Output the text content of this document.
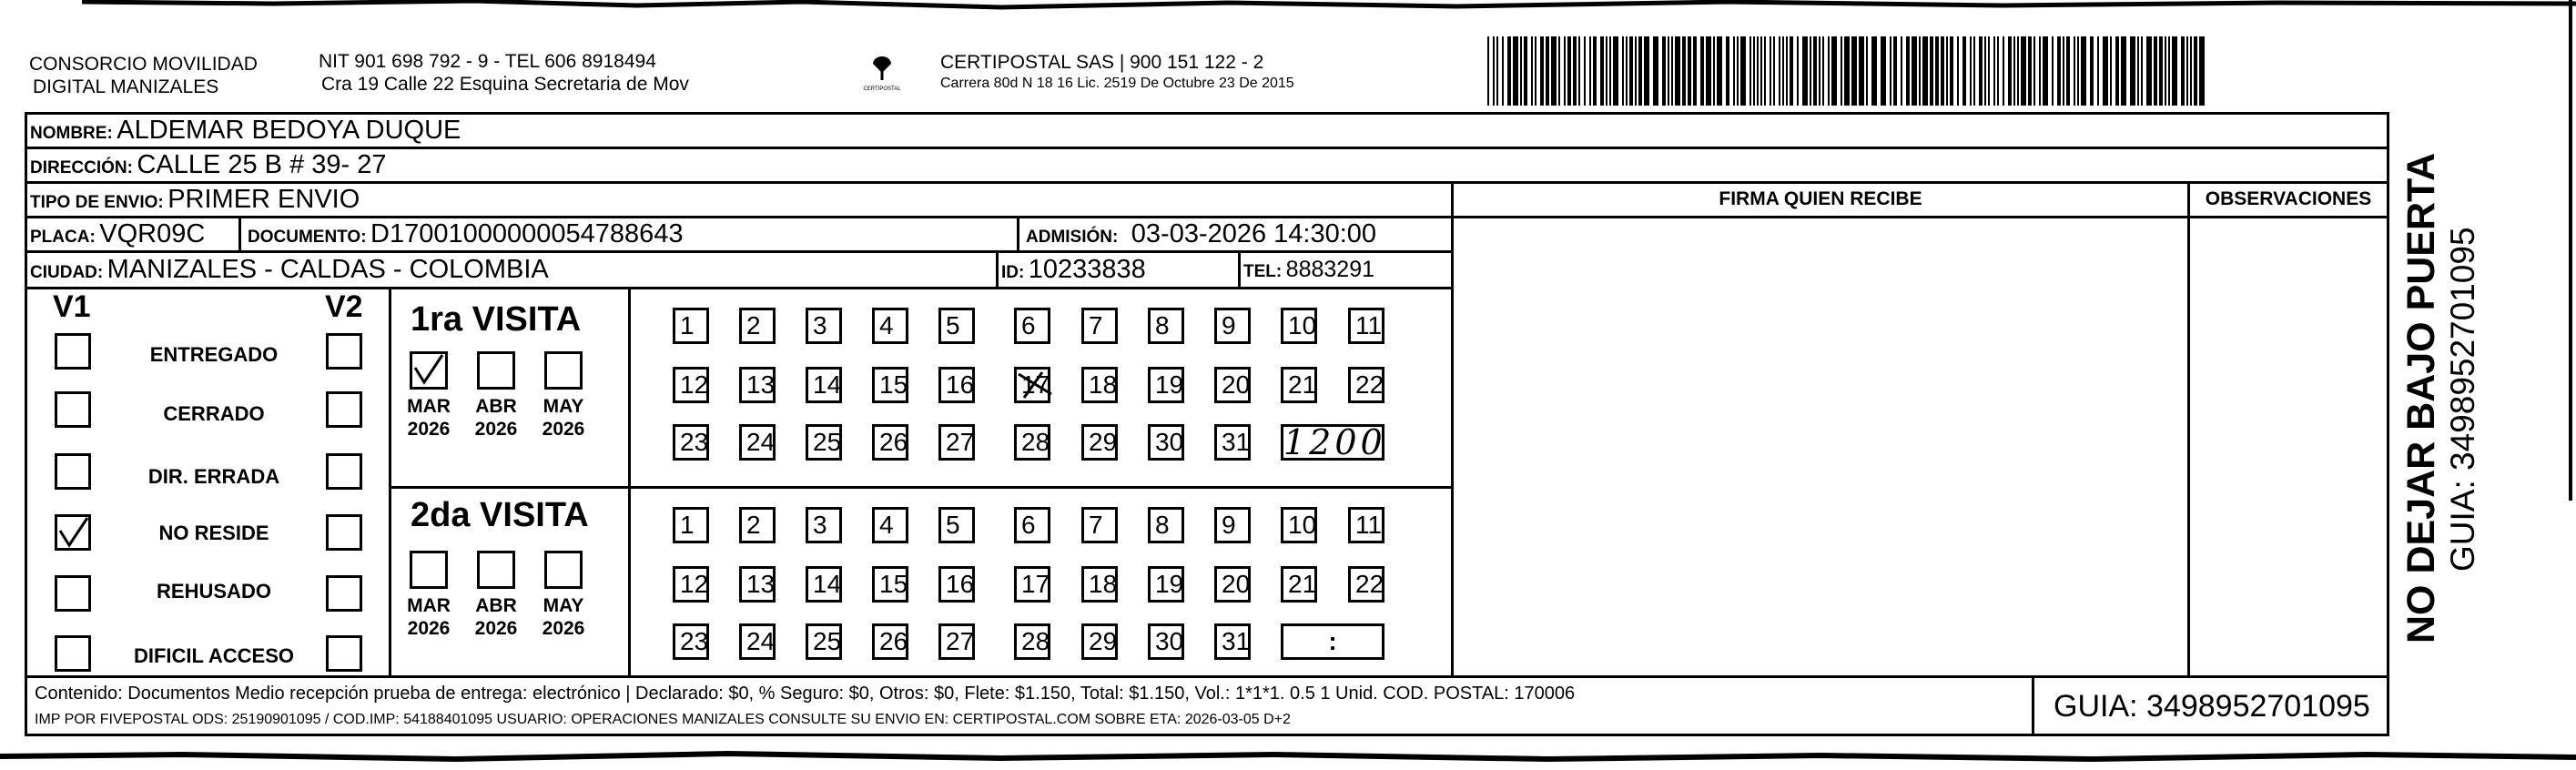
CONSORCIO MOVILIDAD
DIGITAL MANIZALES
NIT 901 698 792 - 9 - TEL 606 8918494
Cra 19 Calle 22 Esquina Secretaria de Mov	CERTIPOSTAL
CERTIPOSTAL SAS | 900 151 122 - 2
Carrera 80d N 18 16 Lic. 2519 De Octubre 23 De 2015
NOMBRE: ALDEMAR BEDOYA DUQUE
DIRECCIÓN: CALLE 25 B # 39- 27
TIPO DE ENVIO: PRIMER ENVIO	FIRMA QUIEN RECIBE	OBSERVACIONES
PLACA: VQR09C DOCUMENTO: D17001000000054788643	ADMISIÓN: 03-03-2026 14:30:00
CIUDAD: MANIZALES - CALDAS - COLOMBIA	ID: 10233838	TEL: 8883291
V1	V2
ENTREGADO
CERRADO
DIR. ERRADA
NO RESIDE
REHUSADO
DIFICIL ACCESO
1ra VISITA
2da VISITA
MAR
2026
ABR
2026
MAY
2026
1	2	3	4	5	6	7	8	9	10 11
12 13 14 15 16 17 18 19 20 21 22
23 24 25 26 27 28 29 30 31 1200
MAR
2026
ABR
2026
MAY
2026
1	2	3	4	5	6	7	8	9	10 11
12 13 14 15 16 17 18 19 20 21 22
23 24 25 26 27 28 29 30 31	:
Contenido: Documentos Medio recepción prueba de entrega: electrónico | Declarado: $0, % Seguro: $0, Otros: $0, Flete: $1.150, Total: $1.150, Vol.: 1*1*1. 0.5 1 Unid. COD. POSTAL: 170006
IMP POR FIVEPOSTAL ODS: 25190901095 / COD.IMP: 54188401095 USUARIO: OPERACIONES MANIZALES CONSULTE SU ENVIO EN: CERTIPOSTAL.COM SOBRE ETA: 2026-03-05 D+2	GUIA: 3498952701095
NO DEJAR BAJO PUERTA GUIA: 3498952701095
